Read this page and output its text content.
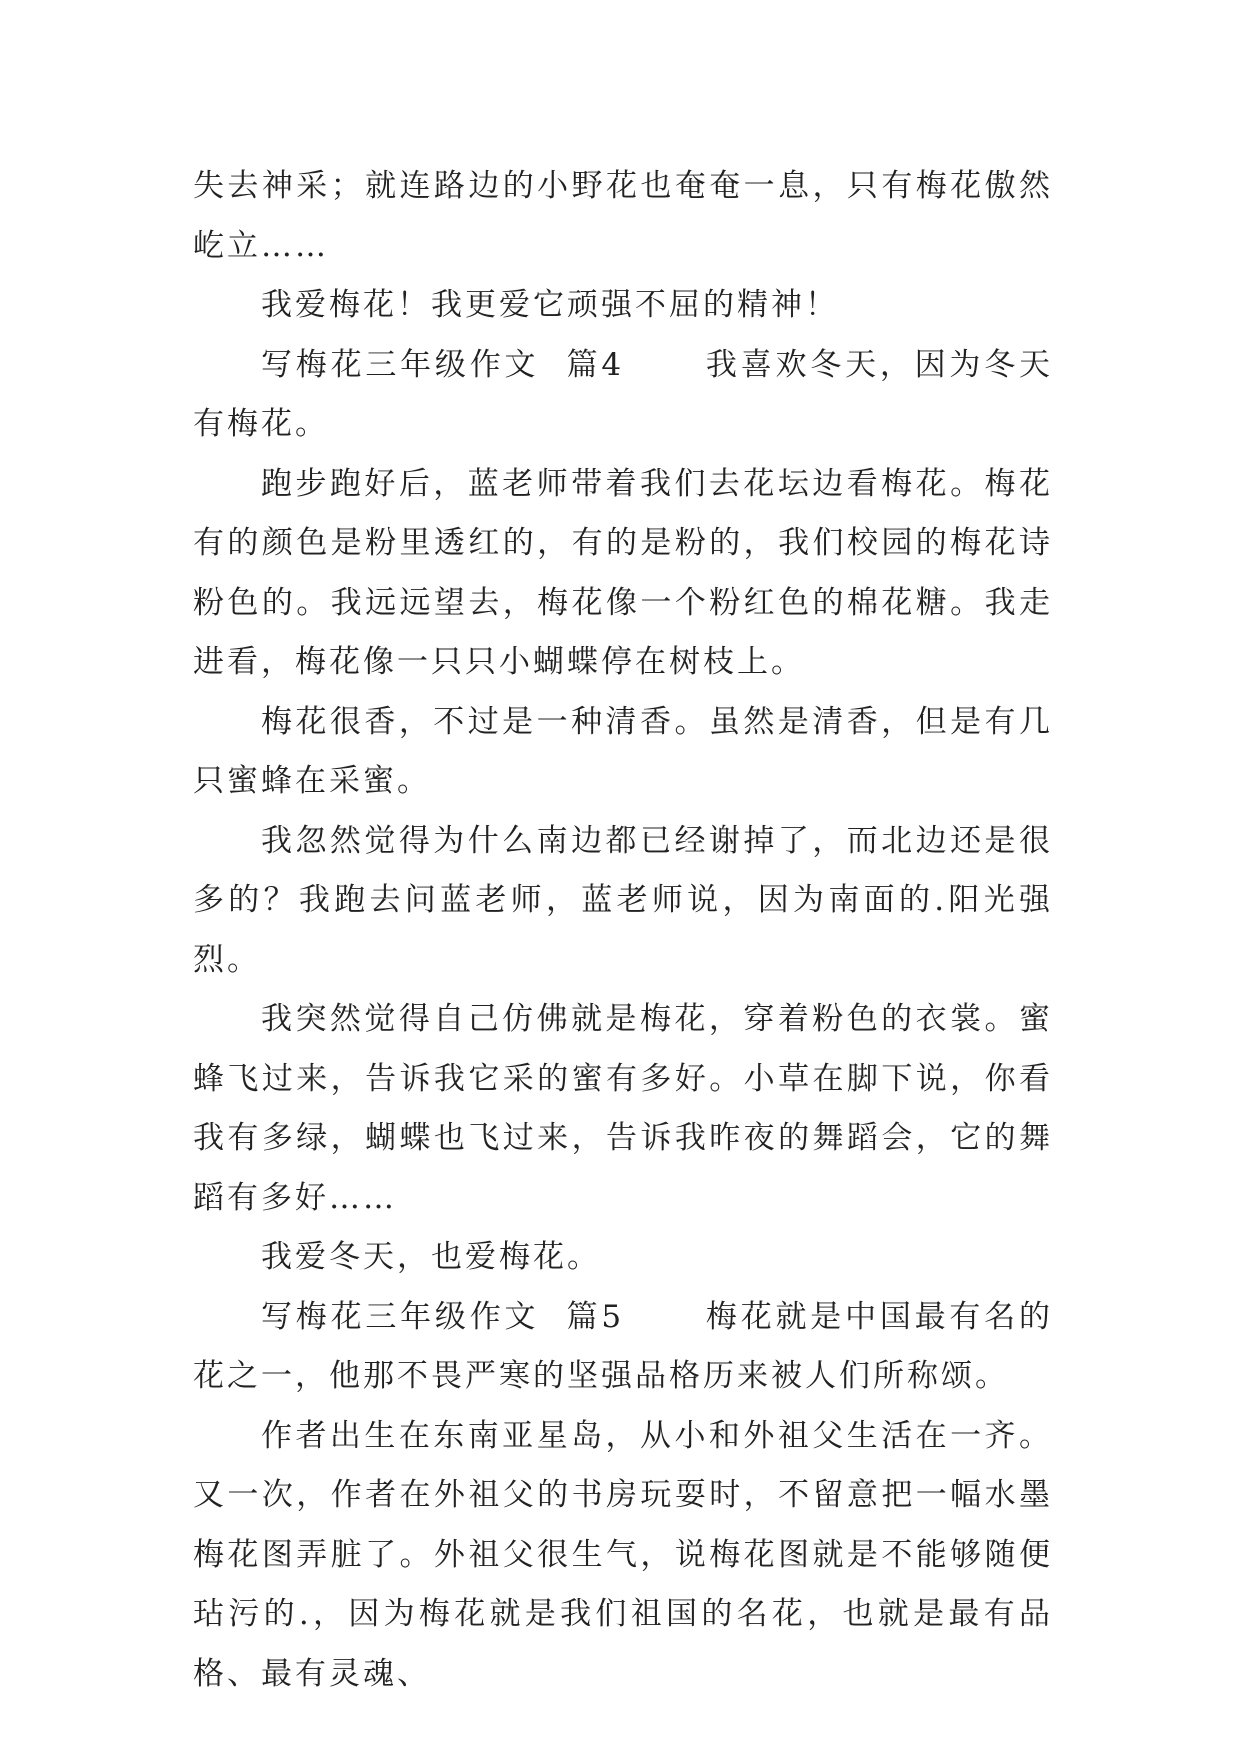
失去神采；就连路边的小野花也奄奄一息，只有梅花傲然屹立……

我爱梅花！我更爱它顽强不屈的精神！

写梅花三年级作文  篇4	我喜欢冬天，因为冬天有梅花。

跑步跑好后，蓝老师带着我们去花坛边看梅花。梅花有的颜色是粉里透红的，有的是粉的，我们校园的梅花诗粉色的。我远远望去，梅花像一个粉红色的棉花糖。我走进看，梅花像一只只小蝴蝶停在树枝上。

梅花很香，不过是一种清香。虽然是清香，但是有几只蜜蜂在采蜜。

我忽然觉得为什么南边都已经谢掉了，而北边还是很多的？我跑去问蓝老师，蓝老师说，因为南面的.阳光强烈。

我突然觉得自己仿佛就是梅花，穿着粉色的衣裳。蜜蜂飞过来，告诉我它采的蜜有多好。小草在脚下说，你看我有多绿，蝴蝶也飞过来，告诉我昨夜的舞蹈会，它的舞蹈有多好……

我爱冬天，也爱梅花。

写梅花三年级作文  篇5	梅花就是中国最有名的花之一，他那不畏严寒的坚强品格历来被人们所称颂。

作者出生在东南亚星岛，从小和外祖父生活在一齐。又一次，作者在外祖父的书房玩耍时，不留意把一幅水墨梅花图弄脏了。外祖父很生气，说梅花图就是不能够随便玷污的.，因为梅花就是我们祖国的名花，也就是最有品格、最有灵魂、
